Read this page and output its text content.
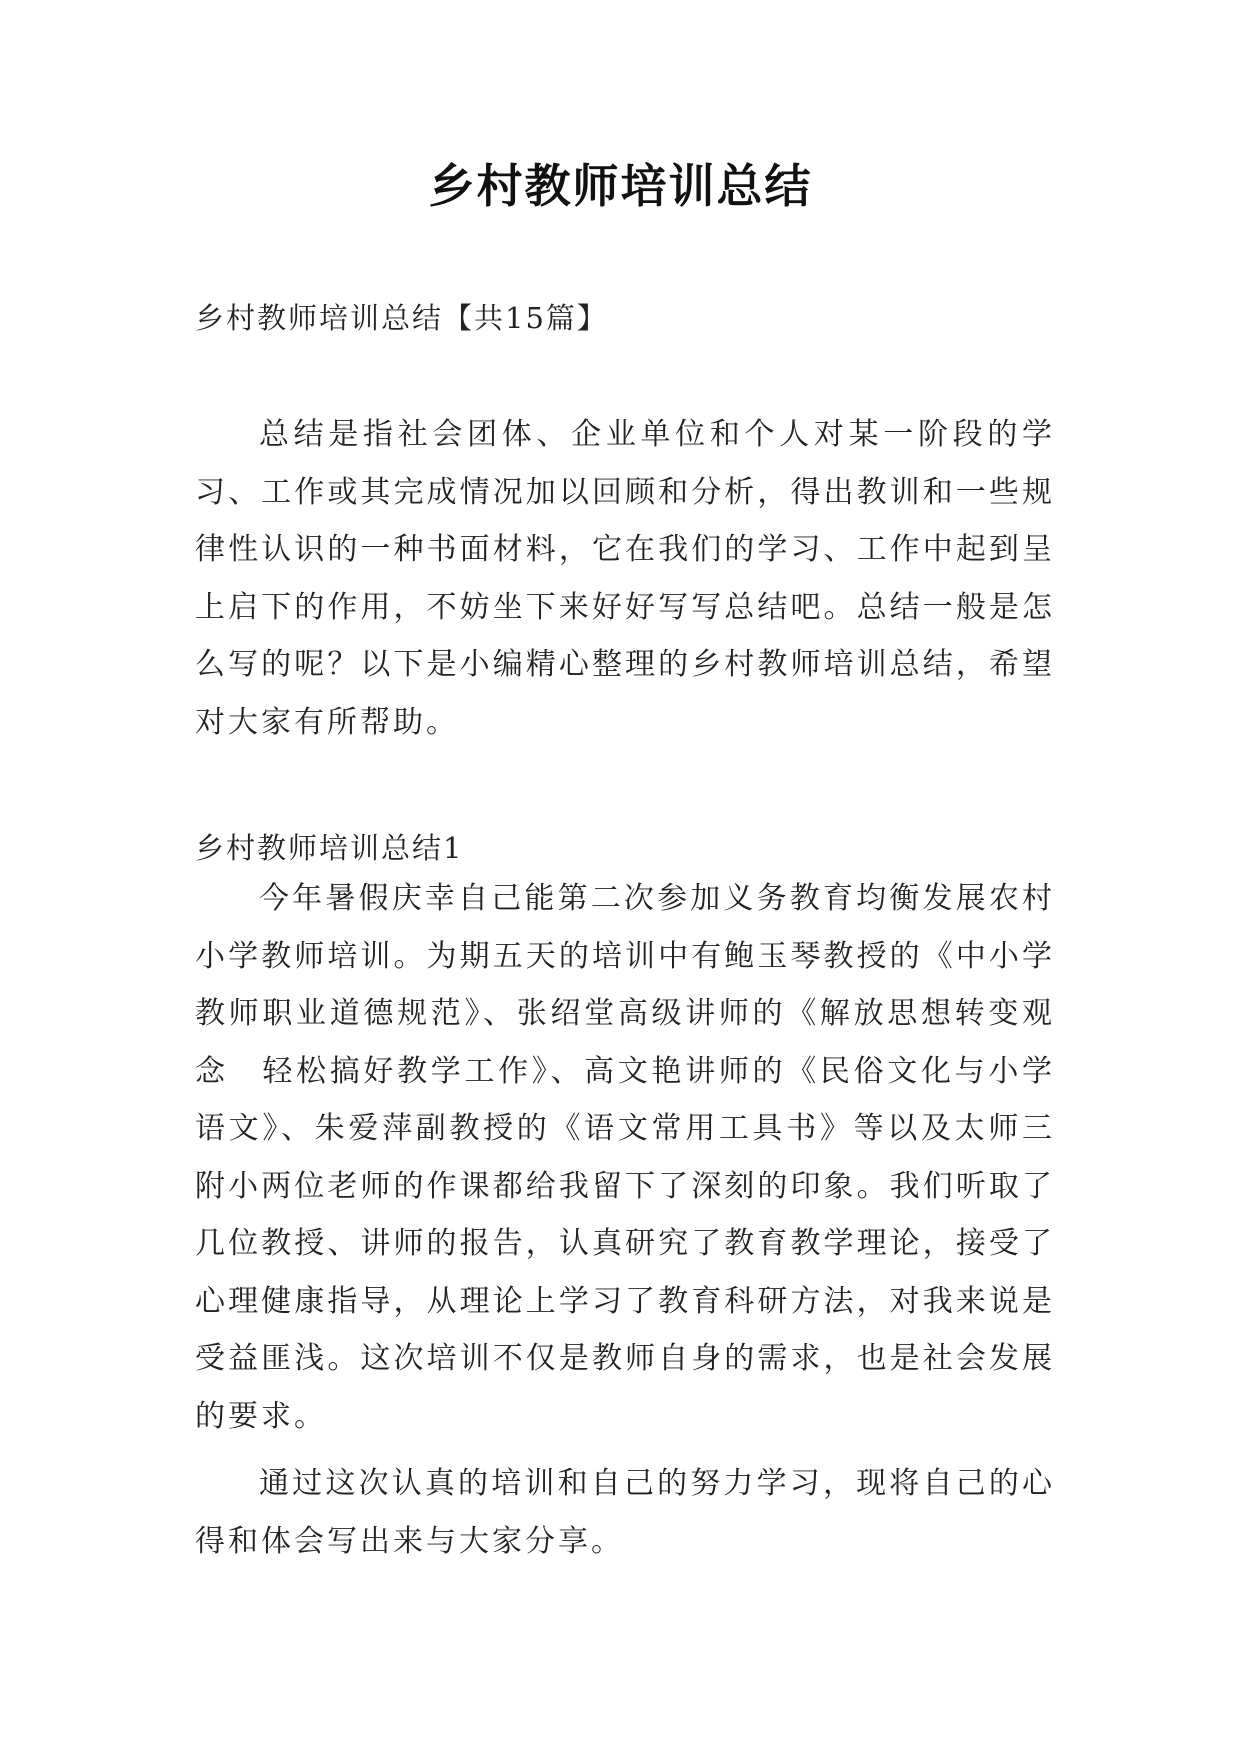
乡村教师培训总结

乡村教师培训总结【共15篇】

总结是指社会团体、企业单位和个人对某一阶段的学习、工作或其完成情况加以回顾和分析，得出教训和一些规律性认识的一种书面材料，它在我们的学习、工作中起到呈上启下的作用，不妨坐下来好好写写总结吧。总结一般是怎么写的呢？以下是小编精心整理的乡村教师培训总结，希望对大家有所帮助。

乡村教师培训总结1

今年暑假庆幸自己能第二次参加义务教育均衡发展农村小学教师培训。为期五天的培训中有鲍玉琴教授的《中小学教师职业道德规范》、张绍堂高级讲师的《解放思想转变观念　轻松搞好教学工作》、高文艳讲师的《民俗文化与小学语文》、朱爱萍副教授的《语文常用工具书》等以及太师三附小两位老师的作课都给我留下了深刻的印象。我们听取了几位教授、讲师的报告，认真研究了教育教学理论，接受了心理健康指导，从理论上学习了教育科研方法，对我来说是受益匪浅。这次培训不仅是教师自身的需求，也是社会发展的要求。

通过这次认真的培训和自己的努力学习，现将自己的心得和体会写出来与大家分享。
